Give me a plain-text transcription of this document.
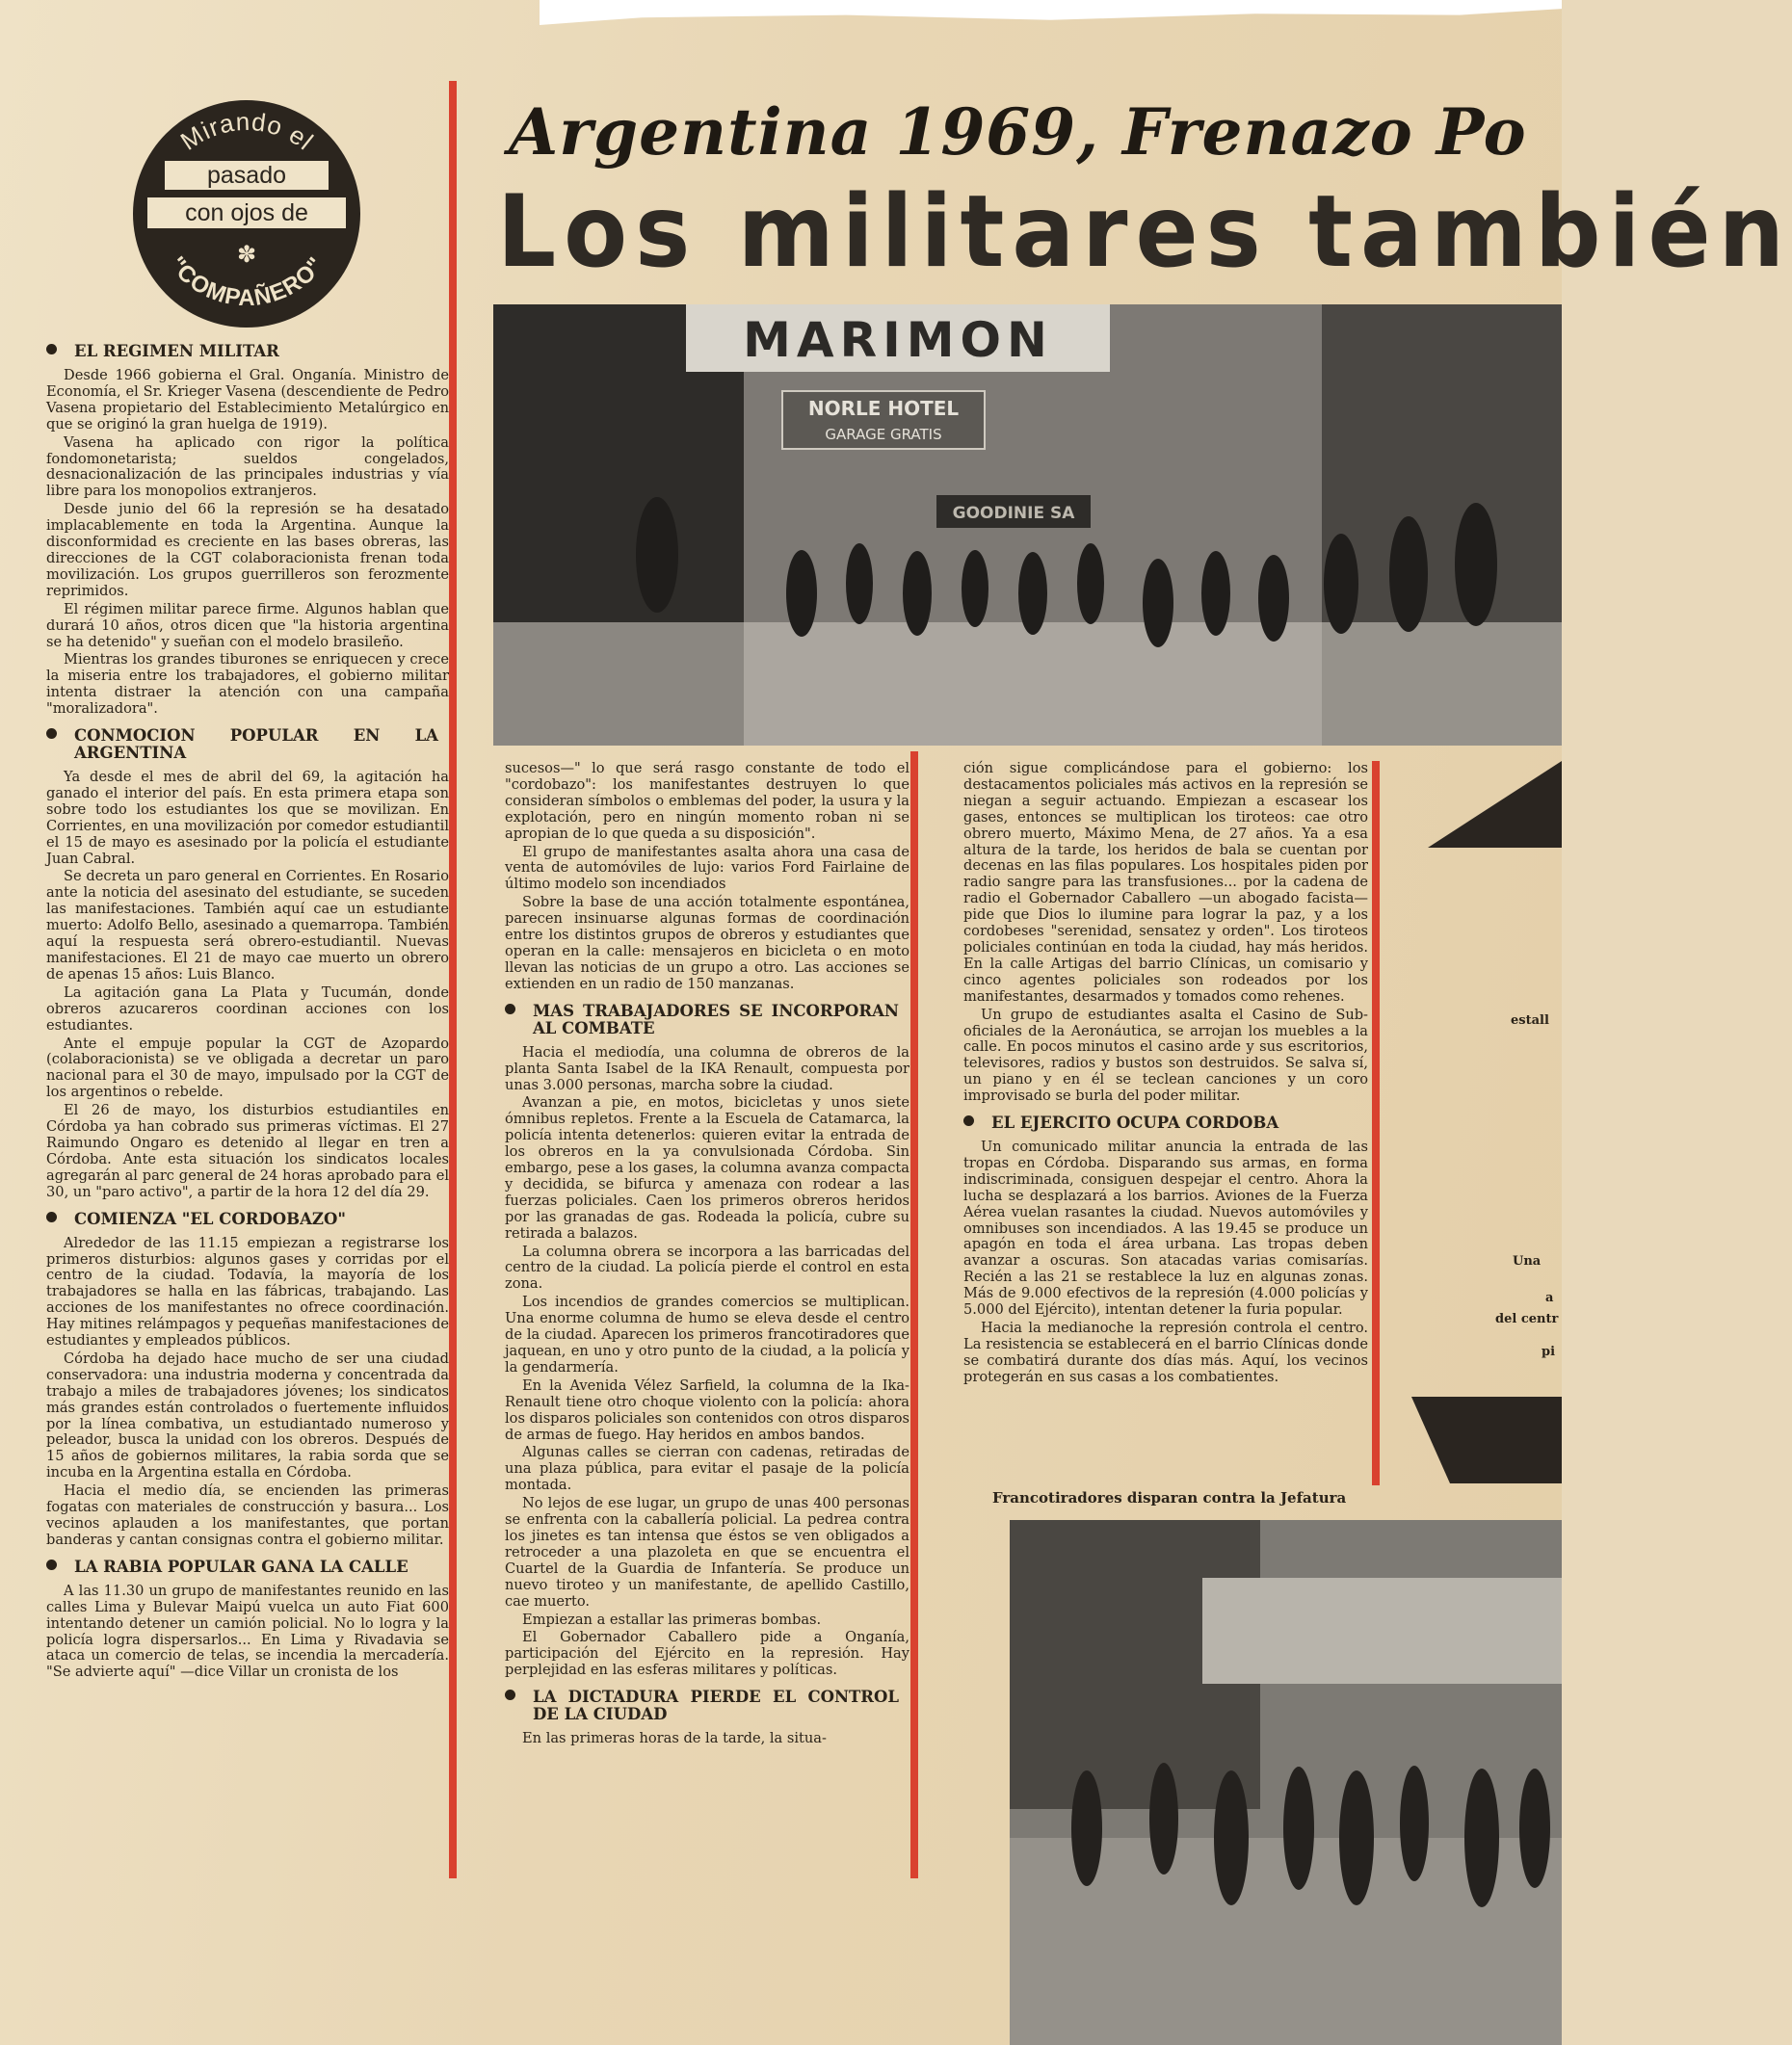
Mirando el
pasado
con ojos de
✽
"COMPAÑERO"
Argentina 1969, Frenazo Po
Los militares también
MARIMON
NORLE HOTEL
GARAGE GRATIS
GOODINIE SA
EL REGIMEN MILITAR

Desde 1966 gobierna el Gral. Onganía. Ministro de Economía, el Sr. Krieger Vasena (descendiente de Pedro Vasena propietario del Establecimiento Metalúrgico en que se originó la gran huelga de 1919).

Vasena ha aplicado con rigor la política fondomonetarista; sueldos congelados, desnacionalización de las principales industrias y vía libre para los monopolios extranjeros.

Desde junio del 66 la represión se ha desatado implacablemente en toda la Argentina. Aunque la disconformidad es creciente en las bases obreras, las direcciones de la CGT colaboracionista frenan toda movilización. Los grupos guerrilleros son ferozmente reprimidos.

El régimen militar parece firme. Algunos hablan que durará 10 años, otros dicen que "la historia argentina se ha detenido" y sueñan con el modelo brasileño.

Mientras los grandes tiburones se enriquecen y crece la miseria entre los trabajadores, el gobierno militar intenta distraer la atención con una campaña "moralizadora".

CONMOCION POPULAR EN LA ARGENTINA

Ya desde el mes de abril del 69, la agitación ha ganado el interior del país. En esta primera etapa son sobre todo los estudiantes los que se movilizan. En Corrientes, en una movilización por comedor estudiantil el 15 de mayo es asesinado por la policía el estudiante Juan Cabral.

Se decreta un paro general en Corrientes. En Rosario ante la noticia del asesinato del estudiante, se suceden las manifestaciones. También aquí cae un estudiante muerto: Adolfo Bello, asesinado a quemarropa. También aquí la respuesta será obrero-estudiantil. Nuevas manifestaciones. El 21 de mayo cae muerto un obrero de apenas 15 años: Luis Blanco.

La agitación gana La Plata y Tucumán, donde obreros azucareros coordinan acciones con los estudiantes.

Ante el empuje popular la CGT de Azopardo (colaboracionista) se ve obligada a decretar un paro nacional para el 30 de mayo, impulsado por la CGT de los argentinos o rebelde.

El 26 de mayo, los disturbios estudiantiles en Córdoba ya han cobrado sus primeras víctimas. El 27 Raimundo Ongaro es detenido al llegar en tren a Córdoba. Ante esta situación los sindicatos locales agregarán al parc general de 24 horas aprobado para el 30, un "paro activo", a partir de la hora 12 del día 29.

COMIENZA "EL CORDOBAZO"

Alrededor de las 11.15 empiezan a registrarse los primeros disturbios: algunos gases y corridas por el centro de la ciudad. Todavía, la mayoría de los trabajadores se halla en las fábricas, trabajando. Las acciones de los manifestantes no ofrece coordinación. Hay mitines relámpagos y pequeñas manifestaciones de estudiantes y empleados públicos.

Córdoba ha dejado hace mucho de ser una ciudad conservadora: una industria moderna y concentrada da trabajo a miles de trabajadores jóvenes; los sindicatos más grandes están controlados o fuertemente influidos por la línea combativa, un estudiantado numeroso y peleador, busca la unidad con los obreros. Después de 15 años de gobiernos militares, la rabia sorda que se incuba en la Argentina estalla en Córdoba.

Hacia el medio día, se encienden las primeras fogatas con materiales de construcción y basura... Los vecinos aplauden a los manifestantes, que portan banderas y cantan consignas contra el gobierno militar.

LA RABIA POPULAR GANA LA CALLE

A las 11.30 un grupo de manifestantes reunido en las calles Lima y Bulevar Maipú vuelca un auto Fiat 600 intentando detener un camión policial. No lo logra y la policía logra dispersarlos... En Lima y Rivadavia se ataca un comercio de telas, se incendia la mercadería. "Se advierte aquí" —dice Villar un cronista de los

sucesos—" lo que será rasgo constante de todo el "cordobazo": los manifestantes destruyen lo que consideran símbolos o emblemas del poder, la usura y la explotación, pero en ningún momento roban ni se apropian de lo que queda a su disposición".

El grupo de manifestantes asalta ahora una casa de venta de automóviles de lujo: varios Ford Fairlaine de último modelo son incendiados

Sobre la base de una acción totalmente espontánea, parecen insinuarse algunas formas de coordinación entre los distintos grupos de obreros y estudiantes que operan en la calle: mensajeros en bicicleta o en moto llevan las noticias de un grupo a otro. Las acciones se extienden en un radio de 150 manzanas.

MAS TRABAJADORES SE INCORPORAN AL COMBATE

Hacia el mediodía, una columna de obreros de la planta Santa Isabel de la IKA Renault, compuesta por unas 3.000 personas, marcha sobre la ciudad.

Avanzan a pie, en motos, bicicletas y unos siete ómnibus repletos. Frente a la Escuela de Catamarca, la policía intenta detenerlos: quieren evitar la entrada de los obreros en la ya convulsionada Córdoba. Sin embargo, pese a los gases, la columna avanza compacta y decidida, se bifurca y amenaza con rodear a las fuerzas policiales. Caen los primeros obreros heridos por las granadas de gas. Rodeada la policía, cubre su retirada a balazos.

La columna obrera se incorpora a las barricadas del centro de la ciudad. La policía pierde el control en esta zona.

Los incendios de grandes comercios se multiplican. Una enorme columna de humo se eleva desde el centro de la ciudad. Aparecen los primeros francotiradores que jaquean, en uno y otro punto de la ciudad, a la policía y la gendarmería.

En la Avenida Vélez Sarfield, la columna de la Ika-Renault tiene otro choque violento con la policía: ahora los disparos policiales son contenidos con otros disparos de armas de fuego. Hay heridos en ambos bandos.

Algunas calles se cierran con cadenas, retiradas de una plaza pública, para evitar el pasaje de la policía montada.

No lejos de ese lugar, un grupo de unas 400 personas se enfrenta con la caballería policial. La pedrea contra los jinetes es tan intensa que éstos se ven obligados a retroceder a una plazoleta en que se encuentra el Cuartel de la Guardia de Infantería. Se produce un nuevo tiroteo y un manifestante, de apellido Castillo, cae muerto.

Empiezan a estallar las primeras bombas.

El Gobernador Caballero pide a Onganía, participación del Ejército en la represión. Hay perplejidad en las esferas militares y políticas.

LA DICTADURA PIERDE EL CONTROL DE LA CIUDAD

En las primeras horas de la tarde, la situa-

ción sigue complicándose para el gobierno: los destacamentos policiales más activos en la represión se niegan a seguir actuando. Empiezan a escasear los gases, entonces se multiplican los tiroteos: cae otro obrero muerto, Máximo Mena, de 27 años. Ya a esa altura de la tarde, los heridos de bala se cuentan por decenas en las filas populares. Los hospitales piden por radio sangre para las transfusiones... por la cadena de radio el Gobernador Caballero —un abogado facista— pide que Dios lo ilumine para lograr la paz, y a los cordobeses "serenidad, sensatez y orden". Los tiroteos policiales continúan en toda la ciudad, hay más heridos. En la calle Artigas del barrio Clínicas, un comisario y cinco agentes policiales son rodeados por los manifestantes, desarmados y tomados como rehenes.

Un grupo de estudiantes asalta el Casino de Sub-oficiales de la Aeronáutica, se arrojan los muebles a la calle. En pocos minutos el casino arde y sus escritorios, televisores, radios y bustos son destruidos. Se salva sí, un piano y en él se teclean canciones y un coro improvisado se burla del poder militar.

EL EJERCITO OCUPA CORDOBA

Un comunicado militar anuncia la entrada de las tropas en Córdoba. Disparando sus armas, en forma indiscriminada, consiguen despejar el centro. Ahora la lucha se desplazará a los barrios. Aviones de la Fuerza Aérea vuelan rasantes la ciudad. Nuevos automóviles y omnibuses son incendiados. A las 19.45 se produce un apagón en toda el área urbana. Las tropas deben avanzar a oscuras. Son atacadas varias comisarías. Recién a las 21 se restablece la luz en algunas zonas. Más de 9.000 efectivos de la represión (4.000 policías y 5.000 del Ejército), intentan detener la furia popular.

Hacia la medianoche la represión controla el centro. La resistencia se establecerá en el barrio Clínicas donde se combatirá durante dos días más. Aquí, los vecinos protegerán en sus casas a los combatientes.

Francotiradores disparan contra la Jefatura
estall
Una
a
del centr
pi
